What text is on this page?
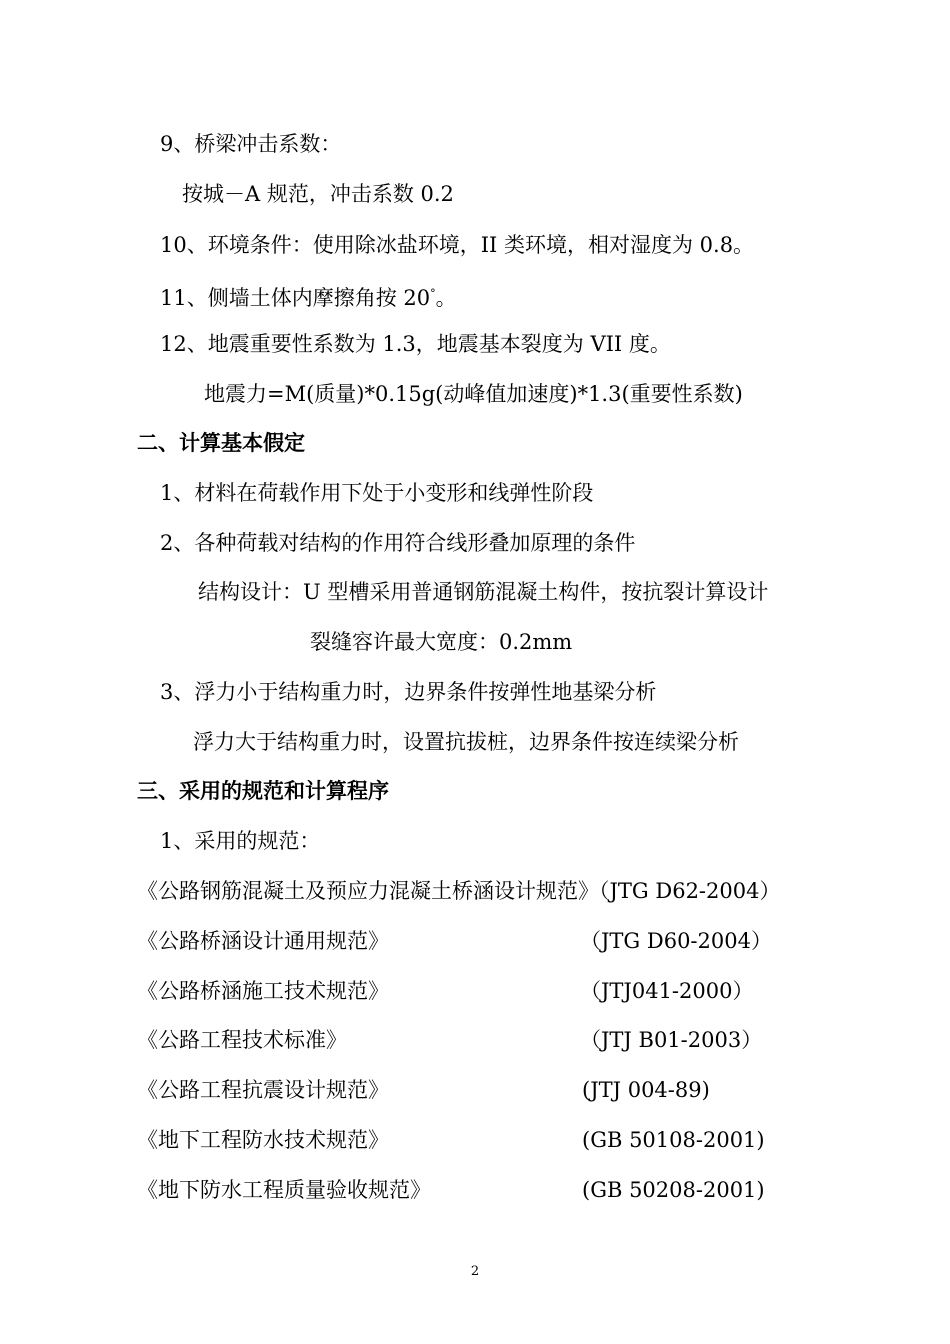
9、桥梁冲击系数：
按城－A 规范，冲击系数 0.2
10、环境条件：使用除冰盐环境，II 类环境，相对湿度为 0.8。
11、侧墙土体内摩擦角按 20°。
12、地震重要性系数为 1.3，地震基本裂度为 VII 度。
地震力=M(质量)*0.15g(动峰值加速度)*1.3(重要性系数)
二、计算基本假定
1、材料在荷载作用下处于小变形和线弹性阶段
2、各种荷载对结构的作用符合线形叠加原理的条件
结构设计：U 型槽采用普通钢筋混凝土构件，按抗裂计算设计
裂缝容许最大宽度：0.2mm
3、浮力小于结构重力时，边界条件按弹性地基梁分析
浮力大于结构重力时，设置抗拔桩，边界条件按连续梁分析
三、采用的规范和计算程序
1、采用的规范：
《公路钢筋混凝土及预应力混凝土桥涵设计规范》（JTG D62-2004）
《公路桥涵设计通用规范》	（JTG D60-2004）
《公路桥涵施工技术规范》	（JTJ041-2000）
《公路工程技术标准》	（JTJ B01-2003）
《公路工程抗震设计规范》	(JTJ 004-89)
《地下工程防水技术规范》	(GB 50108-2001)
《地下防水工程质量验收规范》	(GB 50208-2001)
2
